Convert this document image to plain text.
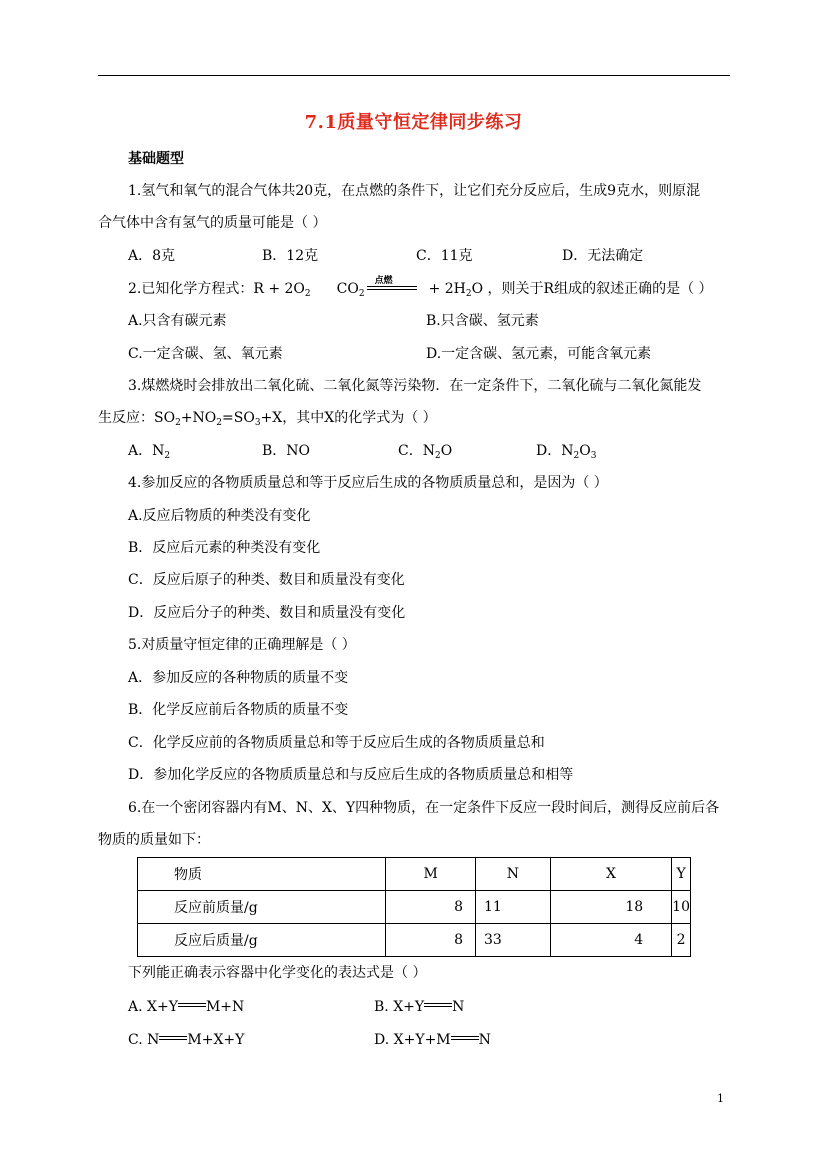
7.1质量守恒定律同步练习
基础题型
1.氢气和氧气的混合气体共20克，在点燃的条件下，让它们充分反应后，生成9克水，则原混
合气体中含有氢气的质量可能是（ ）
A．8克	B．12克	C．11克	D．无法确定
2.已知化学方程式：$R + 2O_2$ $CO_2$
点燃	+ $2H_2O$ ，则关于R组成的叙述正确的是（ ）
A.只含有碳元素	B.只含碳、氢元素
C.一定含碳、氢、氧元素	D.一定含碳、氢元素，可能含氧元素
3.煤燃烧时会排放出二氧化硫、二氧化氮等污染物．在一定条件下，二氧化硫与二氧化氮能发
生反应：$SO_2+NO_2=SO_3+X$，其中X的化学式为（ ）
A．$N_2$	B．NO	C．$N_2O$	D．$N_2O_3$
4.参加反应的各物质质量总和等于反应后生成的各物质质量总和，是因为（ ）
A.反应后物质的种类没有变化
B．反应后元素的种类没有变化
C．反应后原子的种类、数目和质量没有变化
D．反应后分子的种类、数目和质量没有变化
5.对质量守恒定律的正确理解是（ ）
A．参加反应的各种物质的质量不变
B．化学反应前后各物质的质量不变
C．化学反应前的各物质质量总和等于反应后生成的各物质质量总和
D．参加化学反应的各物质质量总和与反应后生成的各物质质量总和相等
6.在一个密闭容器内有M、N、X、Y四种物质，在一定条件下反应一段时间后，测得反应前后各
物质的质量如下：
物质	M	N	X	Y
反应前质量/g	8	11	18	10
反应后质量/g	8	33	4	2
下列能正确表示容器中化学变化的表达式是（ ）
A. X+Y M+N	B. X+Y N
C. N M+X+Y	D. X+Y+M N
1
